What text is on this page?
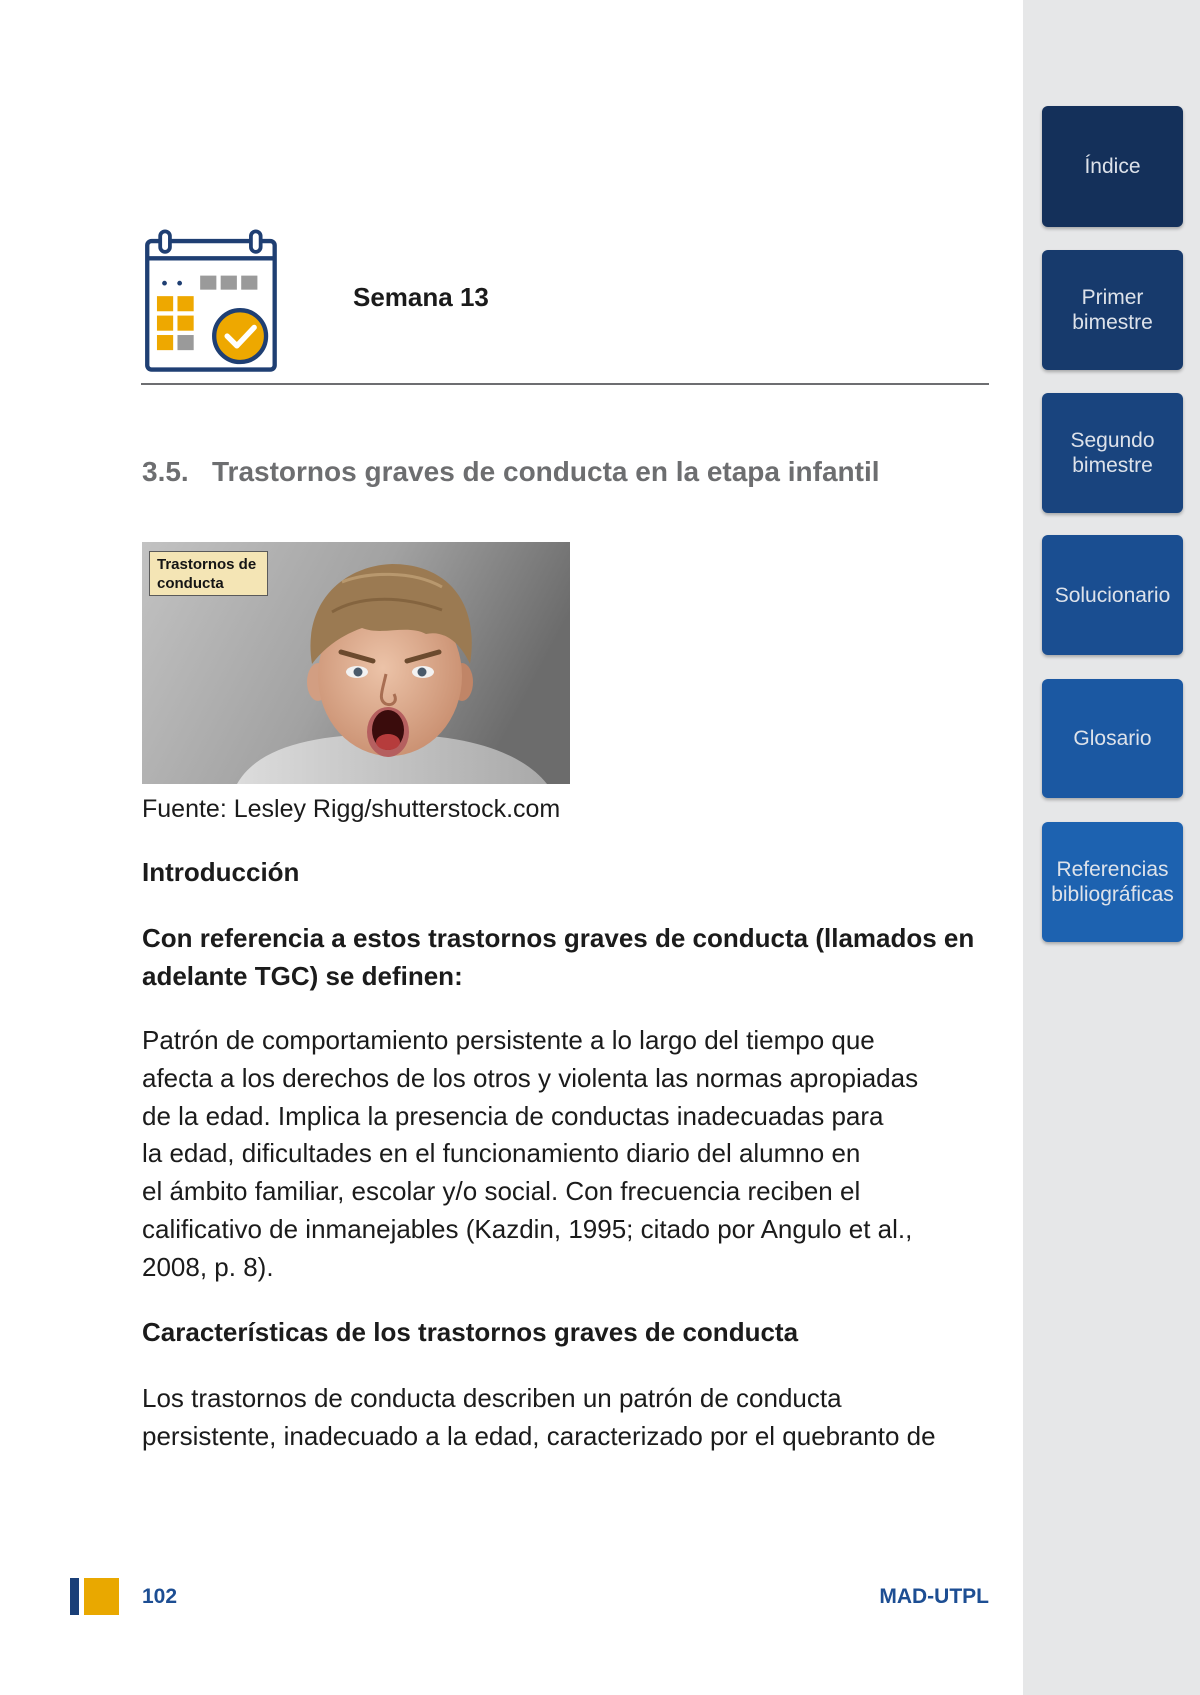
Índice
Primer
bimestre
Segundo
bimestre
Solucionario
Glosario
Referencias
bibliográficas
Semana 13
3.5. Trastornos graves de conducta en la etapa infantil
Trastornos de
conducta
Fuente: Lesley Rigg/shutterstock.com
Introducción
Con referencia a estos trastornos graves de conducta (llamados en
adelante TGC) se definen:
Patrón de comportamiento persistente a lo largo del tiempo que
afecta a los derechos de los otros y violenta las normas apropiadas
de la edad. Implica la presencia de conductas inadecuadas para
la edad, dificultades en el funcionamiento diario del alumno en
el ámbito familiar, escolar y/o social. Con frecuencia reciben el
calificativo de inmanejables (Kazdin, 1995; citado por Angulo et al.,
2008, p. 8).
Características de los trastornos graves de conducta
Los trastornos de conducta describen un patrón de conducta
persistente, inadecuado a la edad, caracterizado por el quebranto de
102	MAD-UTPL
